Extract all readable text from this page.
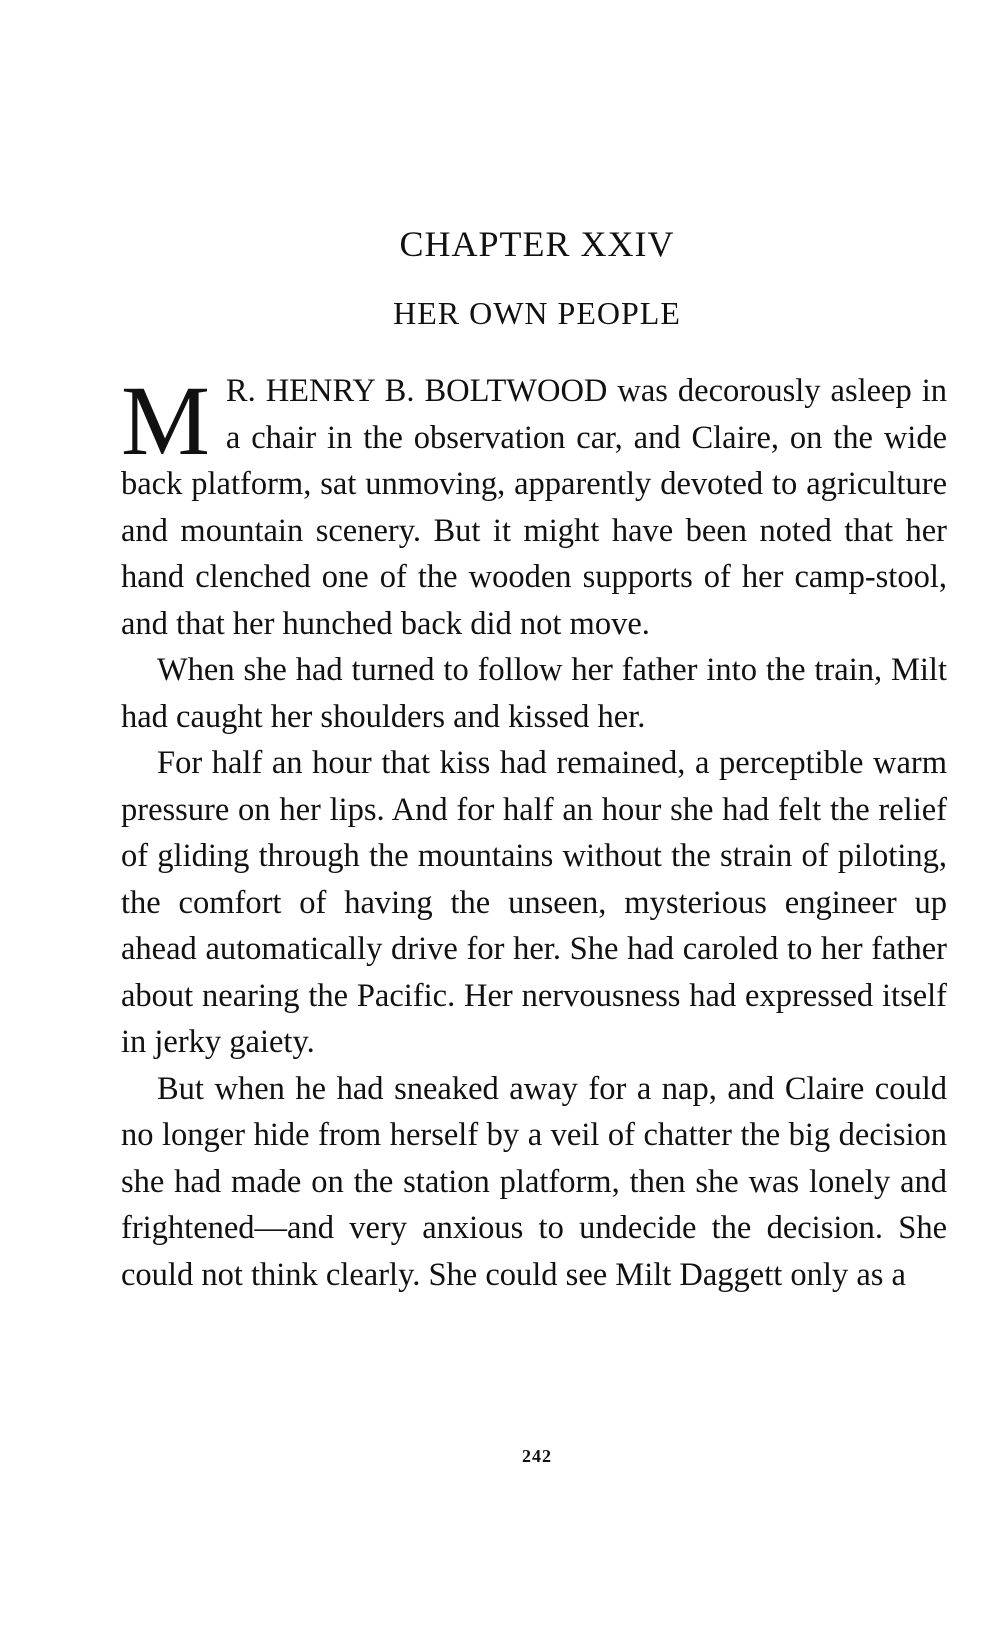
CHAPTER XXIV
HER OWN PEOPLE

M R. HENRY B. BOLTWOOD was decorously asleep in a chair in the observation car, and Claire, on the wide back platform, sat unmoving, apparently devoted to agriculture and mountain scenery. But it might have been noted that her hand clenched one of the wooden supports of her camp-stool, and that her hunched back did not move.

When she had turned to follow her father into the train, Milt had caught her shoulders and kissed her.

For half an hour that kiss had remained, a perceptible warm pressure on her lips. And for half an hour she had felt the relief of gliding through the mountains without the strain of piloting, the comfort of having the unseen, mysterious engineer up ahead automatically drive for her. She had caroled to her father about nearing the Pacific. Her nervousness had expressed itself in jerky gaiety.

But when he had sneaked away for a nap, and Claire could no longer hide from herself by a veil of chatter the big decision she had made on the station platform, then she was lonely and frightened—and very anxious to undecide the decision. She could not think clearly. She could see Milt Daggett only as a

242
